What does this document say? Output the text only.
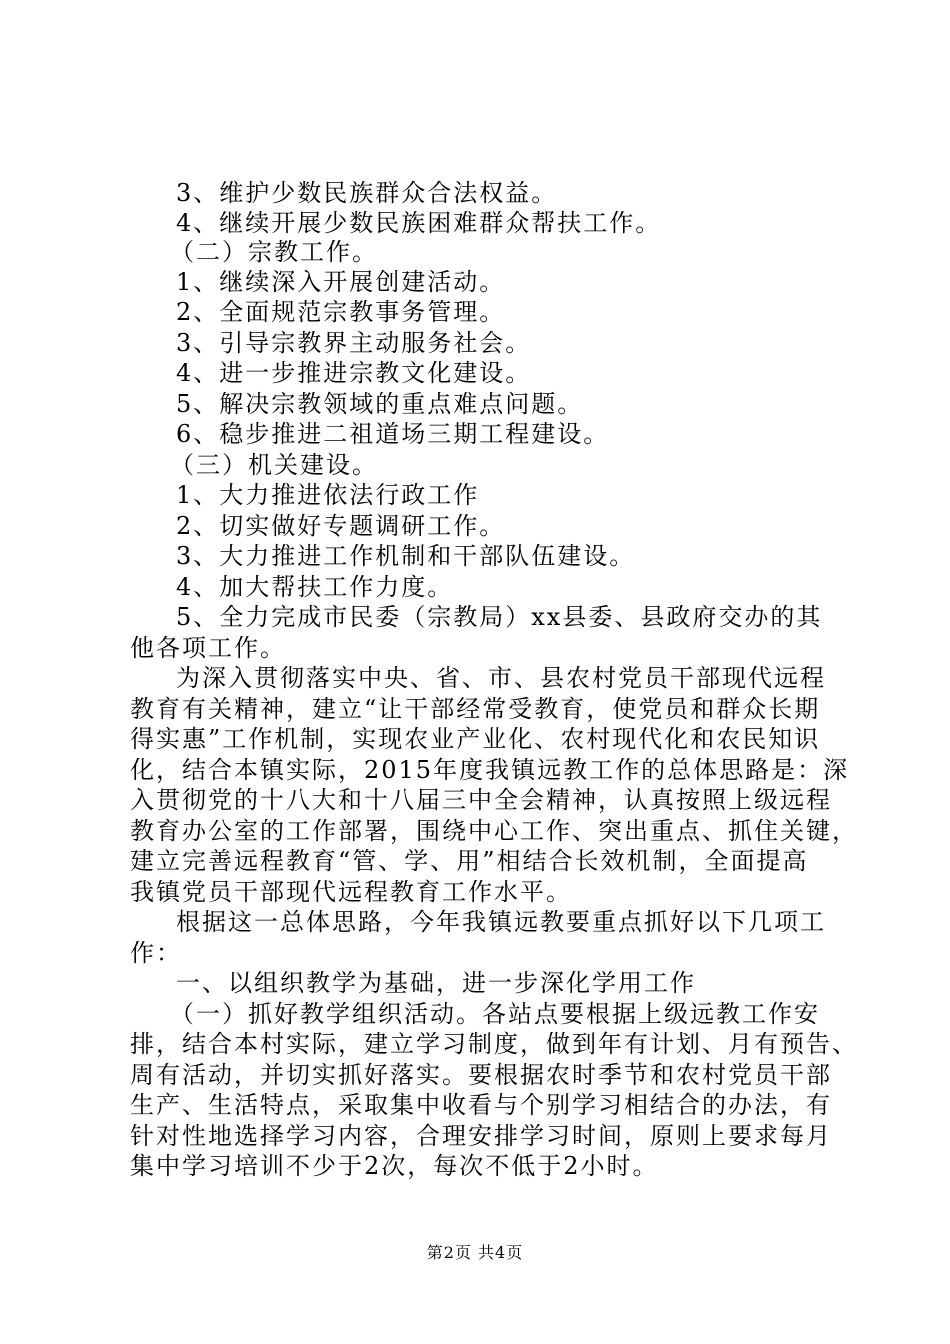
3、维护少数民族群众合法权益。
4、继续开展少数民族困难群众帮扶工作。
（二）宗教工作。
1、继续深入开展创建活动。
2、全面规范宗教事务管理。
3、引导宗教界主动服务社会。
4、进一步推进宗教文化建设。
5、解决宗教领域的重点难点问题。
6、稳步推进二祖道场三期工程建设。
（三）机关建设。
1、大力推进依法行政工作
2、切实做好专题调研工作。
3、大力推进工作机制和干部队伍建设。
4、加大帮扶工作力度。
5、全力完成市民委（宗教局）xx县委、县政府交办的其
他各项工作。
为深入贯彻落实中央、省、市、县农村党员干部现代远程
教育有关精神，建立“让干部经常受教育，使党员和群众长期
得实惠”工作机制，实现农业产业化、农村现代化和农民知识
化，结合本镇实际，2015年度我镇远教工作的总体思路是：深
入贯彻党的十八大和十八届三中全会精神，认真按照上级远程
教育办公室的工作部署，围绕中心工作、突出重点、抓住关键，
建立完善远程教育“管、学、用”相结合长效机制，全面提高
我镇党员干部现代远程教育工作水平。
根据这一总体思路，今年我镇远教要重点抓好以下几项工
作：
一、以组织教学为基础，进一步深化学用工作
（一）抓好教学组织活动。各站点要根据上级远教工作安
排，结合本村实际，建立学习制度，做到年有计划、月有预告、
周有活动，并切实抓好落实。要根据农时季节和农村党员干部
生产、生活特点，采取集中收看与个别学习相结合的办法，有
针对性地选择学习内容，合理安排学习时间，原则上要求每月
集中学习培训不少于2次，每次不低于2小时。
第2页 共4页
